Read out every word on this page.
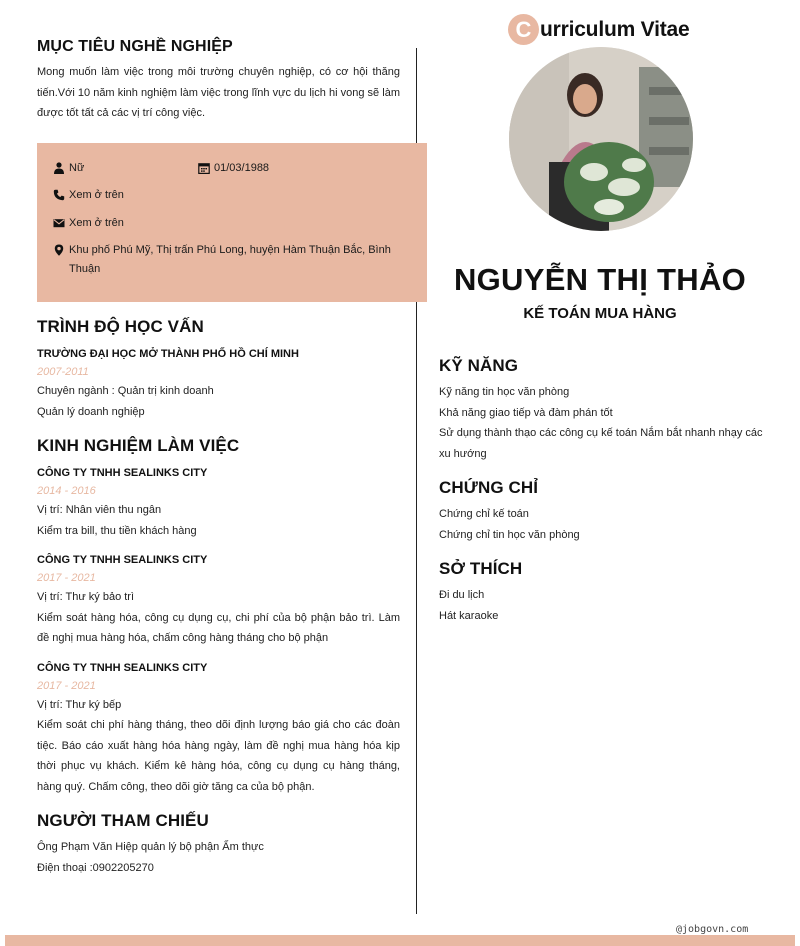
C urriculum Vitae
NGUYỄN THỊ THẢO
KẾ TOÁN MUA HÀNG
MỤC TIÊU NGHỀ NGHIỆP
Mong muốn làm việc trong môi trường chuyên nghiệp, có cơ hội thăng tiến.Với 10 năm kinh nghiệm làm việc trong lĩnh vực du lịch hi vong sẽ làm được tốt tất cả các vị trí công việc.
Nữ	01/03/1988
Xem ở trên
Xem ở trên
Khu phố Phú Mỹ, Thị trấn Phú Long, huyện Hàm Thuận Bắc, Bình Thuận
TRÌNH ĐỘ HỌC VẤN
TRƯỜNG ĐẠI HỌC MỞ THÀNH PHỐ HỒ CHÍ MINH
2007-2011
Chuyên ngành : Quản trị kinh doanh
Quản lý doanh nghiệp
KINH NGHIỆM LÀM VIỆC
CÔNG TY TNHH SEALINKS CITY
2014 - 2016
Vị trí: Nhân viên thu ngân
Kiểm tra bill, thu tiền khách hàng
CÔNG TY TNHH SEALINKS CITY
2017 - 2021
Vị trí: Thư ký bảo trì
Kiểm soát hàng hóa, công cụ dụng cụ, chi phí của bộ phận bảo trì. Làm đề nghị mua hàng hóa, chấm công hàng tháng cho bộ phận
CÔNG TY TNHH SEALINKS CITY
2017 - 2021
Vị trí: Thư ký bếp
Kiểm soát chi phí hàng tháng, theo dõi định lượng báo giá cho các đoàn tiệc. Báo cáo xuất hàng hóa hàng ngày, làm đề nghị mua hàng hóa kịp thời phục vụ khách. Kiểm kê hàng hóa, công cụ dụng cụ hàng tháng, hàng quý. Chấm công, theo dõi giờ tăng ca của bộ phận.
NGƯỜI THAM CHIẾU
Ông Phạm Văn Hiệp quản lý bộ phận Ẩm thực
Điện thoại :0902205270
KỸ NĂNG
Kỹ năng tin học văn phòng
Khả năng giao tiếp và đàm phán tốt
Sử dụng thành thạo các công cụ kế toán Nắm bắt nhanh nhạy các xu hướng
CHỨNG CHỈ
Chứng chỉ kế toán
Chứng chỉ tin học văn phòng
SỞ THÍCH
Đi du lịch
Hát karaoke
@jobgovn.com
